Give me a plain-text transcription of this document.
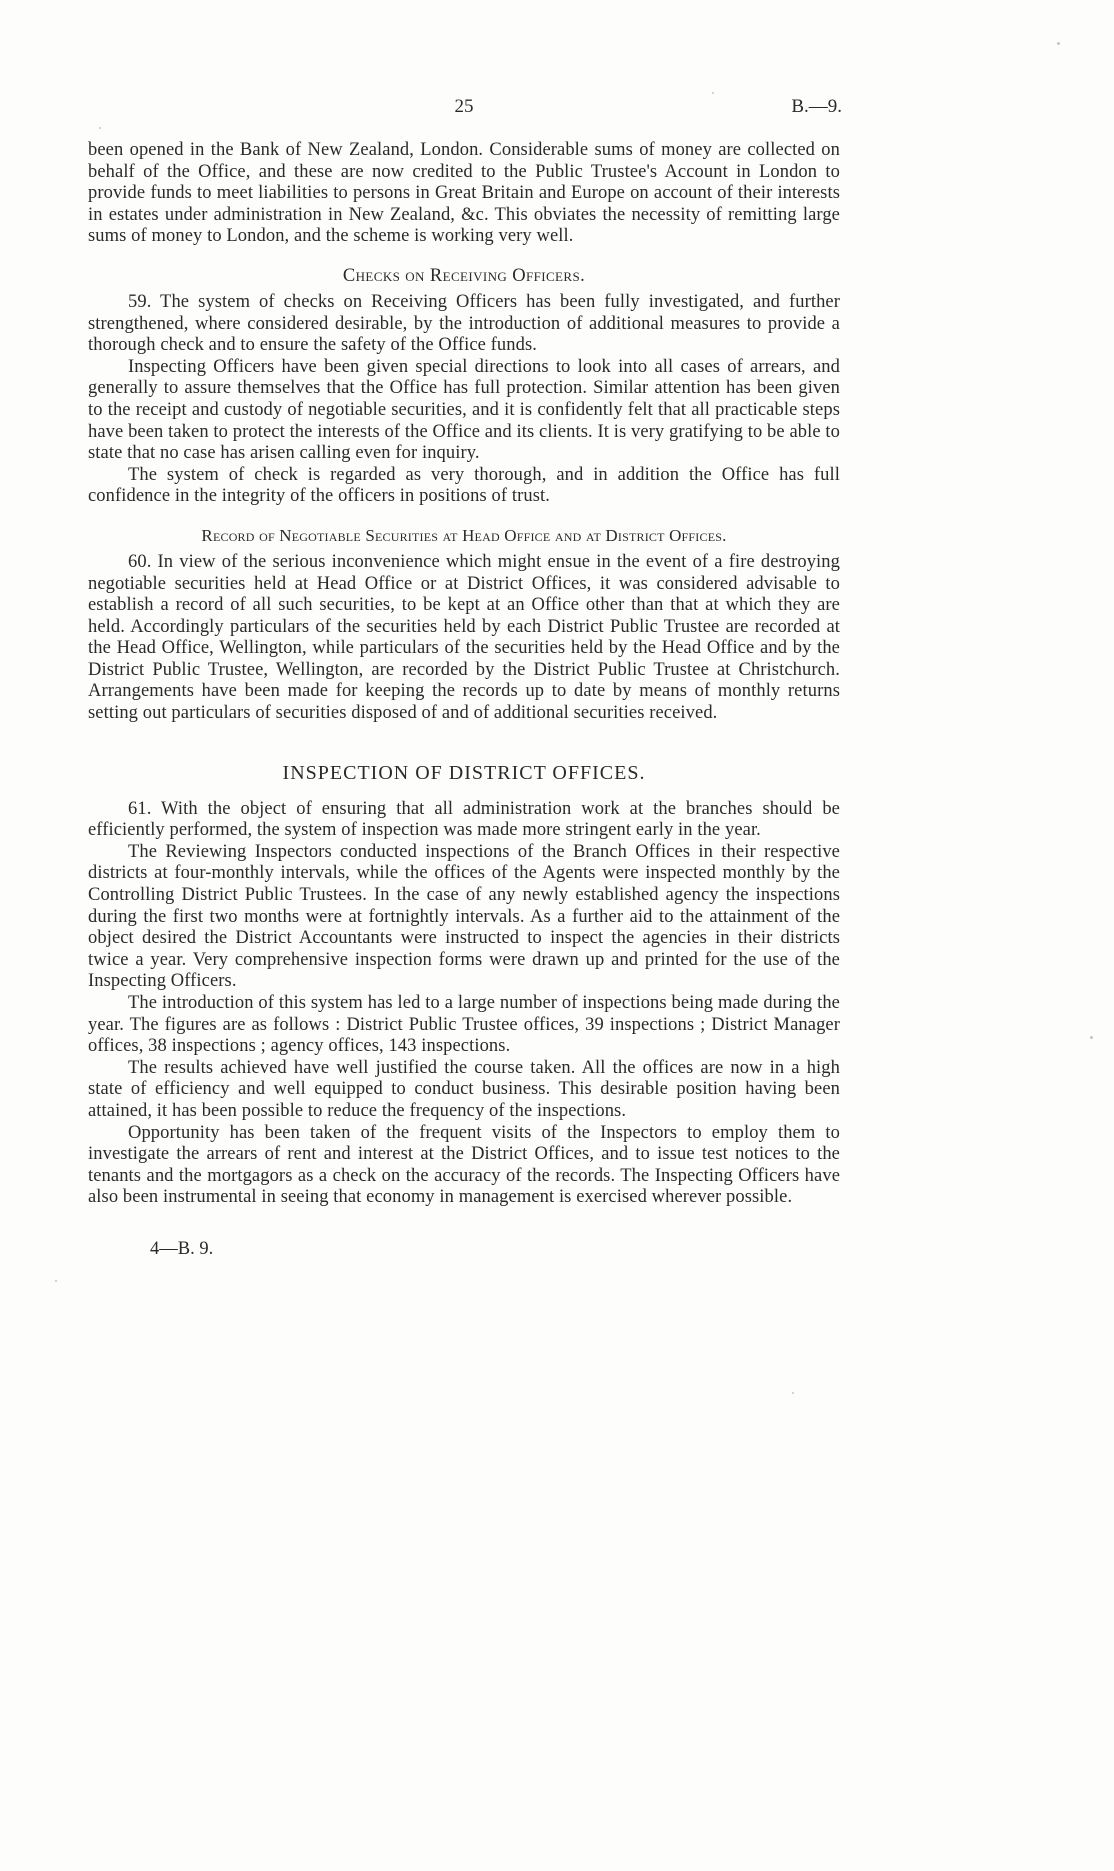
25	B.—9.

been opened in the Bank of New Zealand, London. Considerable sums of money are collected on behalf of the Office, and these are now credited to the Public Trustee's Account in London to provide funds to meet liabilities to persons in Great Britain and Europe on account of their interests in estates under administration in New Zealand, &c. This obviates the necessity of remitting large sums of money to London, and the scheme is working very well.

Checks on Receiving Officers.

59. The system of checks on Receiving Officers has been fully investigated, and further strengthened, where considered desirable, by the introduction of additional measures to provide a thorough check and to ensure the safety of the Office funds.

Inspecting Officers have been given special directions to look into all cases of arrears, and generally to assure themselves that the Office has full protection. Similar attention has been given to the receipt and custody of negotiable securities, and it is confidently felt that all practicable steps have been taken to protect the interests of the Office and its clients. It is very gratifying to be able to state that no case has arisen calling even for inquiry.

The system of check is regarded as very thorough, and in addition the Office has full confidence in the integrity of the officers in positions of trust.

Record of Negotiable Securities at Head Office and at District Offices.

60. In view of the serious inconvenience which might ensue in the event of a fire destroying negotiable securities held at Head Office or at District Offices, it was considered advisable to establish a record of all such securities, to be kept at an Office other than that at which they are held. Accordingly particulars of the securities held by each District Public Trustee are recorded at the Head Office, Wellington, while particulars of the securities held by the Head Office and by the District Public Trustee, Wellington, are recorded by the District Public Trustee at Christchurch. Arrangements have been made for keeping the records up to date by means of monthly returns setting out particulars of securities disposed of and of additional securities received.

INSPECTION OF DISTRICT OFFICES.

61. With the object of ensuring that all administration work at the branches should be efficiently performed, the system of inspection was made more stringent early in the year.

The Reviewing Inspectors conducted inspections of the Branch Offices in their respective districts at four-monthly intervals, while the offices of the Agents were inspected monthly by the Controlling District Public Trustees. In the case of any newly established agency the inspections during the first two months were at fortnightly intervals. As a further aid to the attainment of the object desired the District Accountants were instructed to inspect the agencies in their districts twice a year. Very comprehensive inspection forms were drawn up and printed for the use of the Inspecting Officers.

The introduction of this system has led to a large number of inspections being made during the year. The figures are as follows : District Public Trustee offices, 39 inspections ; District Manager offices, 38 inspections ; agency offices, 143 inspections.

The results achieved have well justified the course taken. All the offices are now in a high state of efficiency and well equipped to conduct business. This desirable position having been attained, it has been possible to reduce the frequency of the inspections.

Opportunity has been taken of the frequent visits of the Inspectors to employ them to investigate the arrears of rent and interest at the District Offices, and to issue test notices to the tenants and the mortgagors as a check on the accuracy of the records. The Inspecting Officers have also been instrumental in seeing that economy in management is exercised wherever possible.

4—B. 9.
